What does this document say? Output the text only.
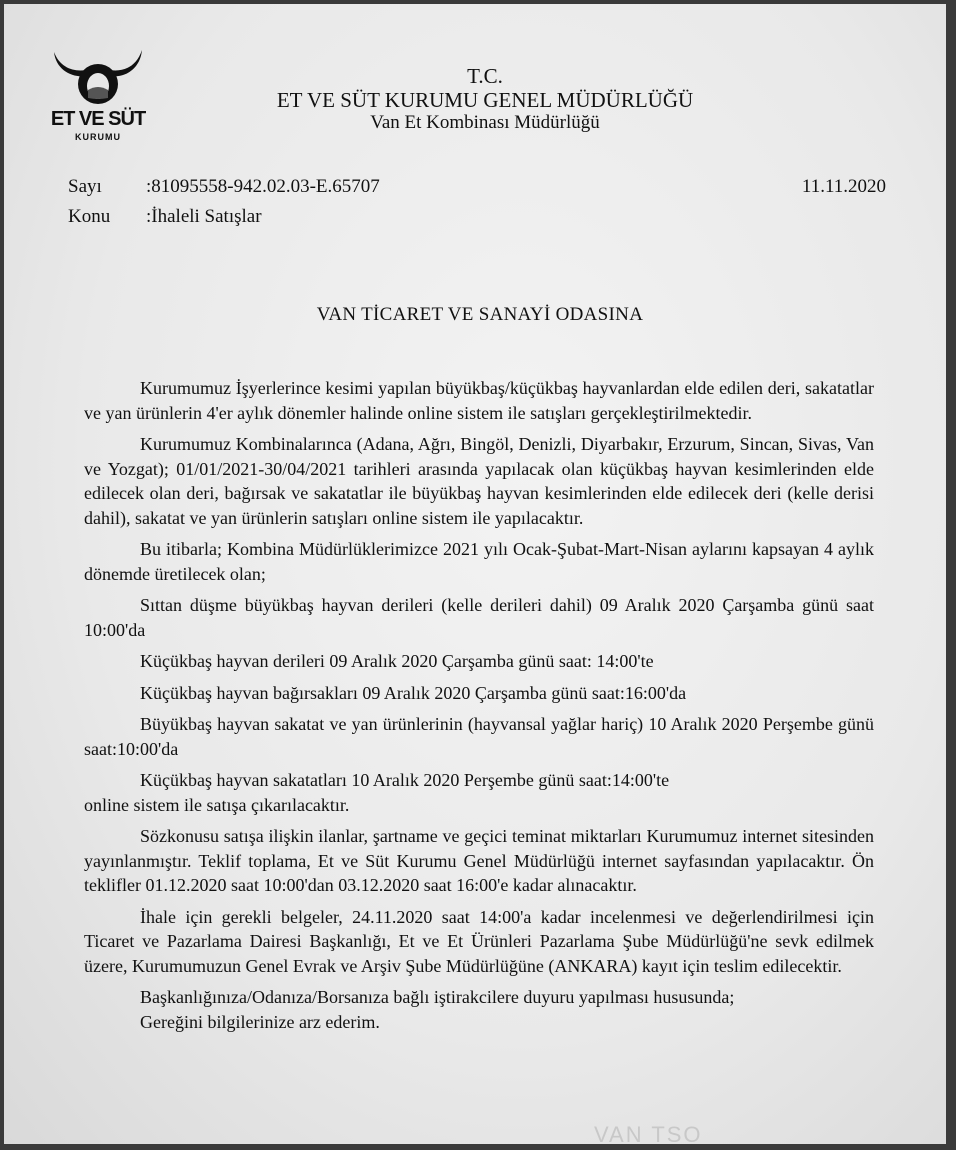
ET VE SÜT
KURUMU
T.C.
ET VE SÜT KURUMU GENEL MÜDÜRLÜĞÜ
Van Et Kombinası Müdürlüğü
Sayı :81095558-942.02.03-E.65707
Konu :İhaleli Satışlar
11.11.2020
VAN TİCARET VE SANAYİ ODASINA

Kurumumuz İşyerlerince kesimi yapılan büyükbaş/küçükbaş hayvanlardan elde edilen deri, sakatatlar ve yan ürünlerin 4'er aylık dönemler halinde online sistem ile satışları gerçekleştirilmektedir.

Kurumumuz Kombinalarınca (Adana, Ağrı, Bingöl, Denizli, Diyarbakır, Erzurum, Sincan, Sivas, Van ve Yozgat); 01/01/2021-30/04/2021 tarihleri arasında yapılacak olan küçükbaş hayvan kesimlerinden elde edilecek olan deri, bağırsak ve sakatatlar ile büyükbaş hayvan kesimlerinden elde edilecek deri (kelle derisi dahil), sakatat ve yan ürünlerin satışları online sistem ile yapılacaktır.

Bu itibarla; Kombina Müdürlüklerimizce 2021 yılı Ocak-Şubat-Mart-Nisan aylarını kapsayan 4 aylık dönemde üretilecek olan;

Sıttan düşme büyükbaş hayvan derileri (kelle derileri dahil) 09 Aralık 2020 Çarşamba günü saat 10:00'da

Küçükbaş hayvan derileri 09 Aralık 2020 Çarşamba günü saat: 14:00'te

Küçükbaş hayvan bağırsakları 09 Aralık 2020 Çarşamba günü saat:16:00'da

Büyükbaş hayvan sakatat ve yan ürünlerinin (hayvansal yağlar hariç) 10 Aralık 2020 Perşembe günü saat:10:00'da

Küçükbaş hayvan sakatatları 10 Aralık 2020 Perşembe günü saat:14:00'te

online sistem ile satışa çıkarılacaktır.

Sözkonusu satışa ilişkin ilanlar, şartname ve geçici teminat miktarları Kurumumuz internet sitesinden yayınlanmıştır. Teklif toplama, Et ve Süt Kurumu Genel Müdürlüğü internet sayfasından yapılacaktır. Ön teklifler 01.12.2020 saat 10:00'dan 03.12.2020 saat 16:00'e kadar alınacaktır.

İhale için gerekli belgeler, 24.11.2020 saat 14:00'a kadar incelenmesi ve değerlendirilmesi için Ticaret ve Pazarlama Dairesi Başkanlığı, Et ve Et Ürünleri Pazarlama Şube Müdürlüğü'ne sevk edilmek üzere, Kurumumuzun Genel Evrak ve Arşiv Şube Müdürlüğüne (ANKARA) kayıt için teslim edilecektir.

Başkanlığınıza/Odanıza/Borsanıza bağlı iştirakcilere duyuru yapılması hususunda;

Gereğini bilgilerinize arz ederim.

VAN TSO
